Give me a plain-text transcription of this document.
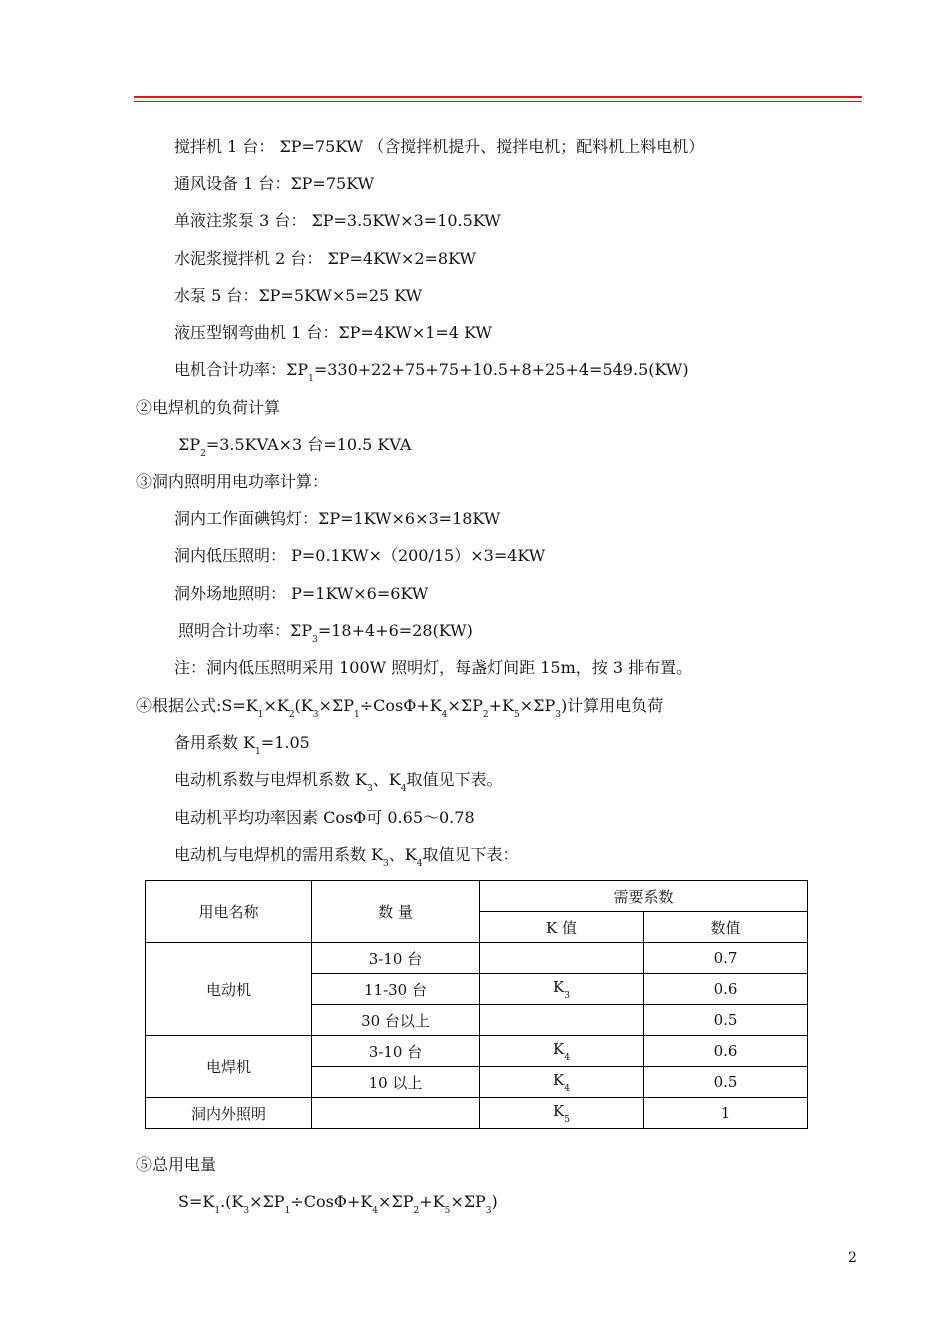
搅拌机 1 台： ΣP=75KW （含搅拌机提升、搅拌电机；配料机上料电机）
通风设备 1 台：ΣP=75KW
单液注浆泵 3 台： ΣP=3.5KW×3=10.5KW
水泥浆搅拌机 2 台： ΣP=4KW×2=8KW
水泵 5 台：ΣP=5KW×5=25 KW
液压型钢弯曲机 1 台：ΣP=4KW×1=4 KW
电机合计功率：$\Sigma P_1=330+22+75+75+10.5+8+25+4=549.5(KW)$
②电焊机的负荷计算
$\Sigma P_2=3.5KVA\times 3$ 台=10.5 KVA
③洞内照明用电功率计算：
洞内工作面碘钨灯：ΣP=1KW×6×3=18KW
洞内低压照明： P=0.1KW×（200/15）×3=4KW
洞外场地照明： P=1KW×6=6KW
照明合计功率：$\Sigma P_3=18+4+6=28(KW)$
注：洞内低压照明采用 100W 照明灯，每盏灯间距 15m，按 3 排布置。
④根据公式$:S=K_1\times K_2(K_3\times\Sigma P_1\div Cos\Phi+K_4\times\Sigma P_2+K_5\times\Sigma P_3)$计算用电负荷
备用系数 $K_1=1.05$
电动机系数与电焊机系数 $K_3$、$K_4$取值见下表。
电动机平均功率因素 CosΦ可 0.65～0.78
电动机与电焊机的需用系数 $K_3$、$K_4$取值见下表：
用电名称	数 量	需要系数	
		K 值	数值
电动机	3-10 台		0.7
	11-30 台	$K_3$	0.6
	30 台以上		0.5
电焊机	3-10 台	$K_4$	0.6
	10 以上	$K_4$	0.5
洞内外照明		$K_5$	1
⑤总用电量
$S=K_1.(K_3\times\Sigma P_1\div Cos\Phi+K_4\times\Sigma P_2+K_5\times\Sigma P_3)$
2
